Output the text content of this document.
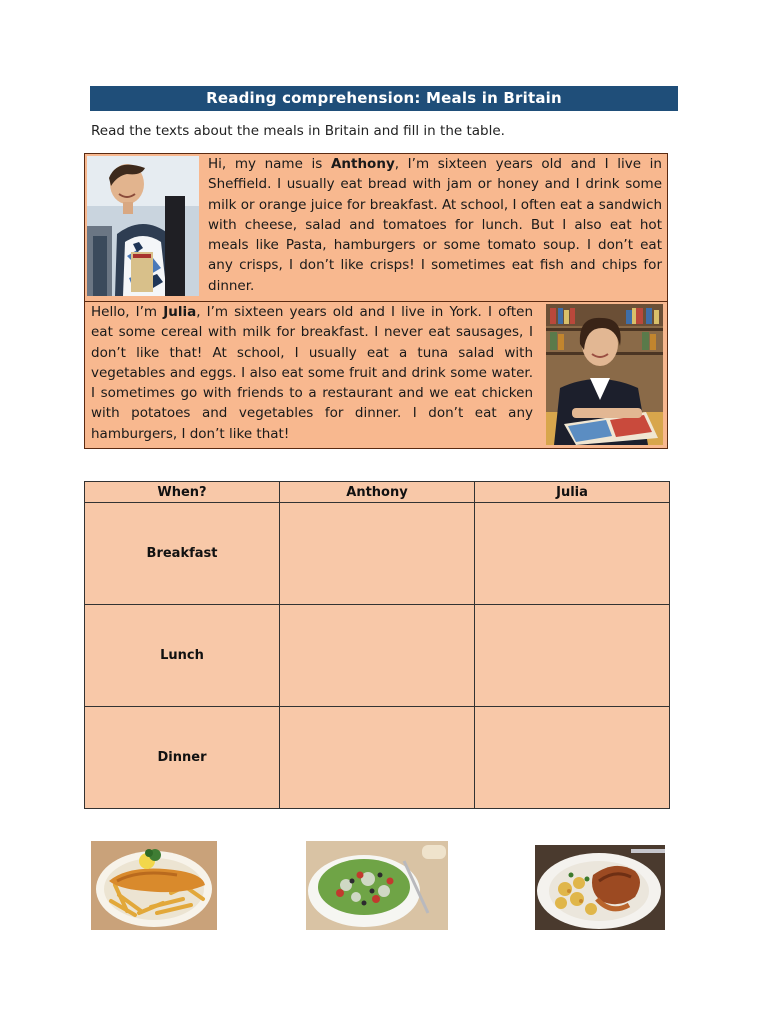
Reading comprehension: Meals in Britain
Read the texts about the meals in Britain and fill in the table.

Hi, my name is Anthony, I’m sixteen years old and I live in Sheffield. I usually eat bread with jam or honey and I drink some milk or orange juice for breakfast. At school, I often eat a sandwich with cheese, salad and tomatoes for lunch. But I also eat hot meals like Pasta, hamburgers or some tomato soup. I don’t eat any crisps, I don’t like crisps! I sometimes eat fish and chips for dinner.

Hello, I’m Julia, I’m sixteen years old and I live in York. I often eat some cereal with milk for breakfast. I never eat sausages, I don’t like that! At school, I usually eat a tuna salad with vegetables and eggs. I also eat some fruit and drink some water. I sometimes go with friends to a restaurant and we eat chicken with potatoes and vegetables for dinner. I don’t eat any hamburgers, I don’t like that!

When?	Anthony	Julia
Breakfast		
Lunch		
Dinner		
